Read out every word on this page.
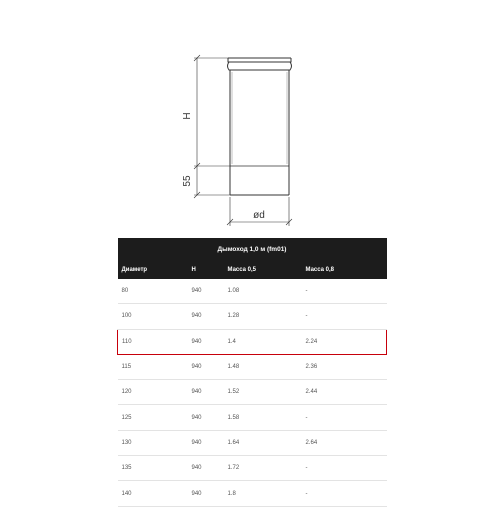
H
55
ød
Дымоход 1,0 м (fm01)			
Диаметр	H	Масса 0,5	Масса 0,8
80	940	1.08	-
100	940	1.28	-
110	940	1.4	2.24
115	940	1.48	2.36
120	940	1.52	2.44
125	940	1.58	-
130	940	1.64	2.64
135	940	1.72	-
140	940	1.8	-
